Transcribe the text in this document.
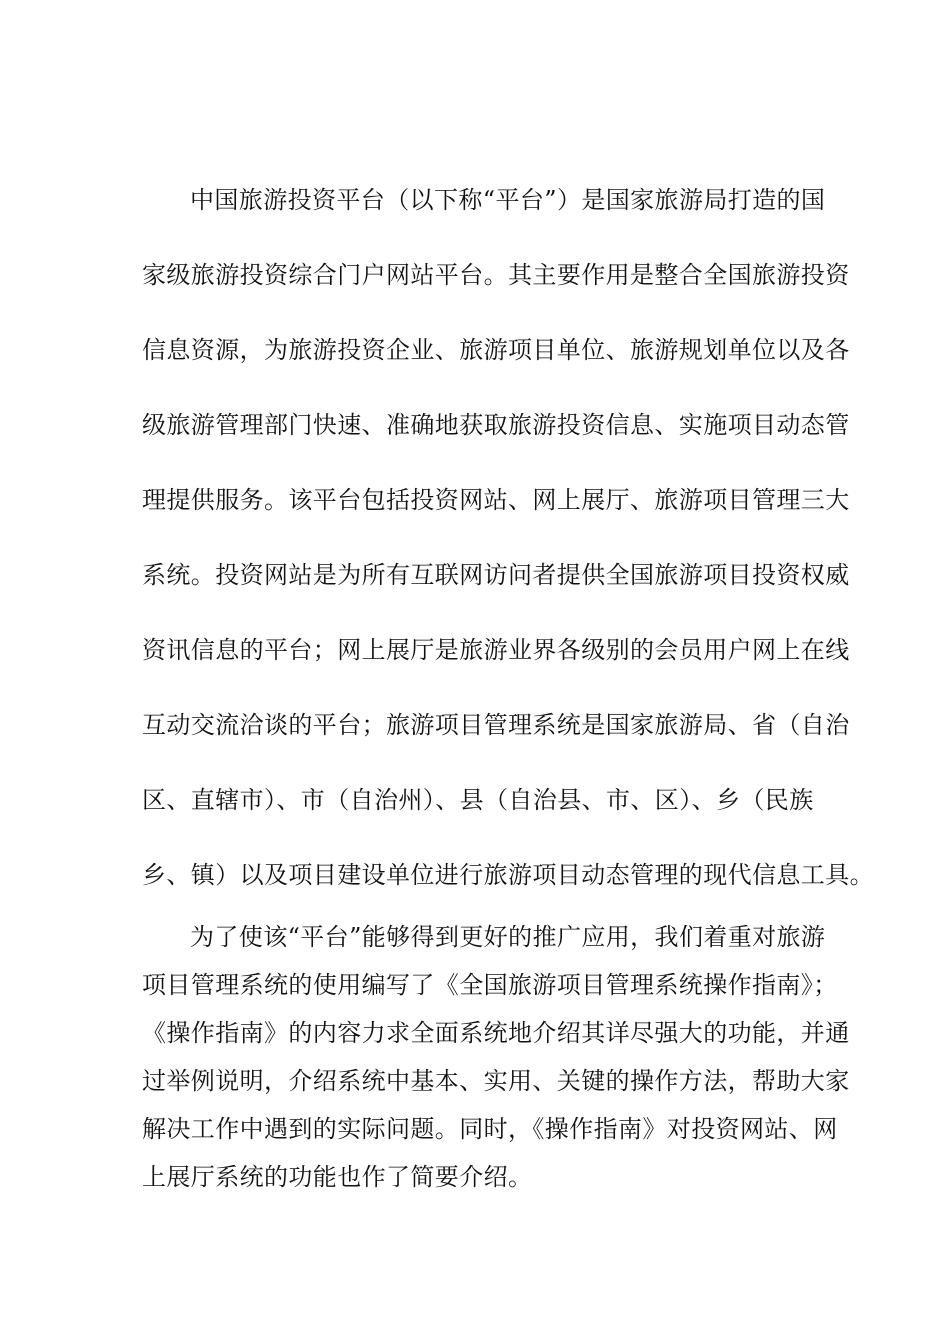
中国旅游投资平台（以下称“平台”）是国家旅游局打造的国
家级旅游投资综合门户网站平台。其主要作用是整合全国旅游投资
信息资源，为旅游投资企业、旅游项目单位、旅游规划单位以及各
级旅游管理部门快速、准确地获取旅游投资信息、实施项目动态管
理提供服务。该平台包括投资网站、网上展厅、旅游项目管理三大
系统。投资网站是为所有互联网访问者提供全国旅游项目投资权威
资讯信息的平台；网上展厅是旅游业界各级别的会员用户网上在线
互动交流洽谈的平台；旅游项目管理系统是国家旅游局、省（自治
区、直辖市）、市（自治州）、县（自治县、市、区）、乡（民族
乡、镇）以及项目建设单位进行旅游项目动态管理的现代信息工具。
为了使该“平台”能够得到更好的推广应用，我们着重对旅游
项目管理系统的使用编写了《全国旅游项目管理系统操作指南》；
《操作指南》的内容力求全面系统地介绍其详尽强大的功能，并通
过举例说明，介绍系统中基本、实用、关键的操作方法，帮助大家
解决工作中遇到的实际问题。同时，《操作指南》对投资网站、网
上展厅系统的功能也作了简要介绍。
